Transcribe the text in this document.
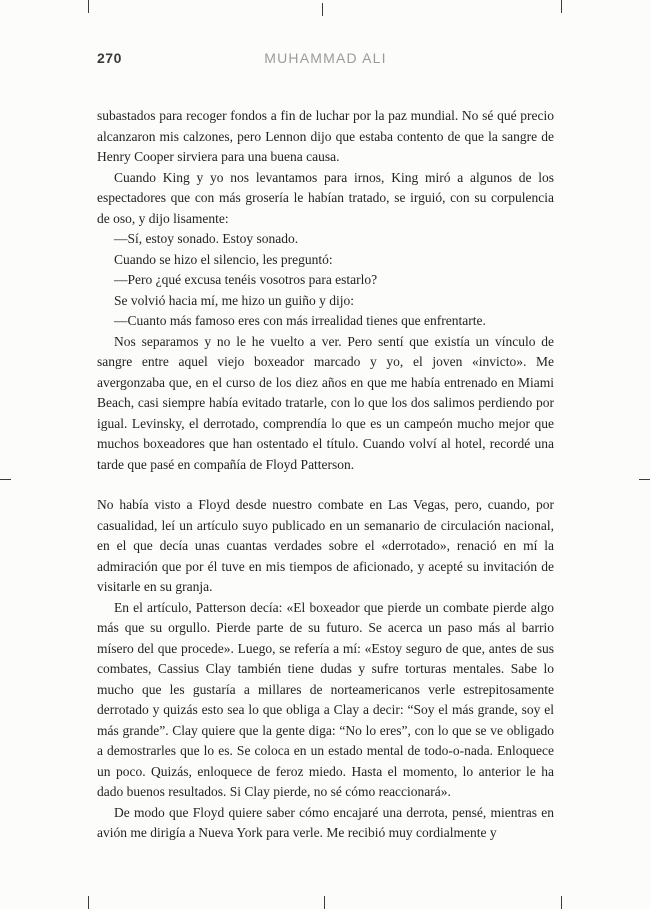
270	MUHAMMAD ALI

subastados para recoger fondos a fin de luchar por la paz mundial. No sé qué precio alcanzaron mis calzones, pero Lennon dijo que estaba contento de que la sangre de Henry Cooper sirviera para una buena causa.

Cuando King y yo nos levantamos para irnos, King miró a algunos de los espectadores que con más grosería le habían tratado, se irguió, con su corpulencia de oso, y dijo lisamente:

—Sí, estoy sonado. Estoy sonado.

Cuando se hizo el silencio, les preguntó:

—Pero ¿qué excusa tenéis vosotros para estarlo?

Se volvió hacia mí, me hizo un guiño y dijo:

—Cuanto más famoso eres con más irrealidad tienes que enfrentarte.

Nos separamos y no le he vuelto a ver. Pero sentí que existía un vínculo de sangre entre aquel viejo boxeador marcado y yo, el joven «invicto». Me avergonzaba que, en el curso de los diez años en que me había entrenado en Miami Beach, casi siempre había evitado tratarle, con lo que los dos salimos perdiendo por igual. Levinsky, el derrotado, comprendía lo que es un campeón mucho mejor que muchos boxeadores que han ostentado el título. Cuando volví al hotel, recordé una tarde que pasé en compañía de Floyd Patterson.

No había visto a Floyd desde nuestro combate en Las Vegas, pero, cuando, por casualidad, leí un artículo suyo publicado en un semanario de circulación nacional, en el que decía unas cuantas verdades sobre el «derrotado», renació en mí la admiración que por él tuve en mis tiempos de aficionado, y acepté su invitación de visitarle en su granja.

En el artículo, Patterson decía: «El boxeador que pierde un combate pierde algo más que su orgullo. Pierde parte de su futuro. Se acerca un paso más al barrio mísero del que procede». Luego, se refería a mí: «Estoy seguro de que, antes de sus combates, Cassius Clay también tiene dudas y sufre torturas mentales. Sabe lo mucho que les gustaría a millares de norteamericanos verle estrepitosamente derrotado y quizás esto sea lo que obliga a Clay a decir: “Soy el más grande, soy el más grande”. Clay quiere que la gente diga: “No lo eres”, con lo que se ve obligado a demostrarles que lo es. Se coloca en un estado mental de todo-o-nada. Enloquece un poco. Quizás, enloquece de feroz miedo. Hasta el momento, lo anterior le ha dado buenos resultados. Si Clay pierde, no sé cómo reaccionará».

De modo que Floyd quiere saber cómo encajaré una derrota, pensé, mientras en avión me dirigía a Nueva York para verle. Me recibió muy cordialmente y
